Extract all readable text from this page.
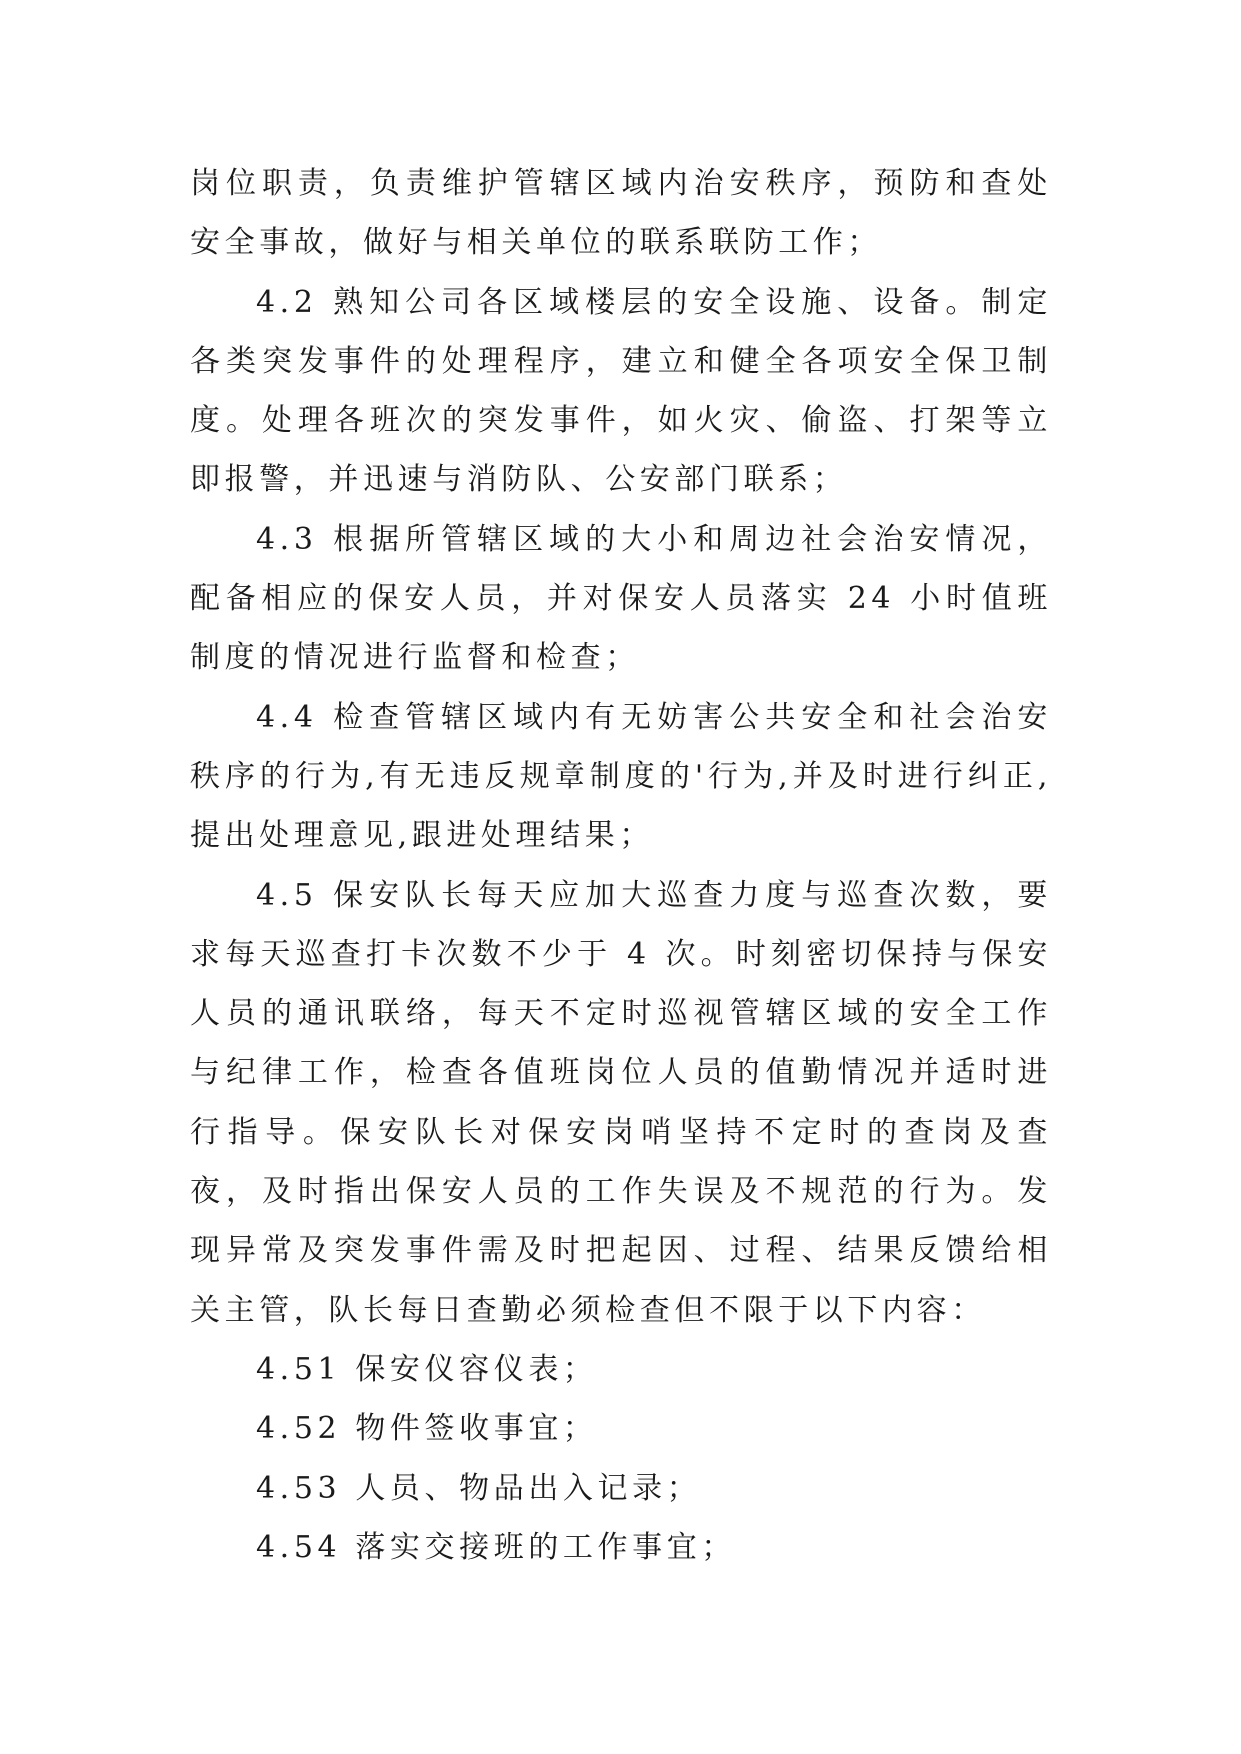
岗位职责，负责维护管辖区域内治安秩序，预防和查处安全事故，做好与相关单位的联系联防工作；

4.2 熟知公司各区域楼层的安全设施、设备。制定各类突发事件的处理程序，建立和健全各项安全保卫制度。处理各班次的突发事件，如火灾、偷盗、打架等立即报警，并迅速与消防队、公安部门联系；

4.3 根据所管辖区域的大小和周边社会治安情况，配备相应的保安人员，并对保安人员落实 24 小时值班制度的情况进行监督和检查；

4.4 检查管辖区域内有无妨害公共安全和社会治安秩序的行为,有无违反规章制度的'行为,并及时进行纠正,提出处理意见,跟进处理结果；

4.5 保安队长每天应加大巡查力度与巡查次数，要求每天巡查打卡次数不少于 4 次。时刻密切保持与保安人员的通讯联络，每天不定时巡视管辖区域的安全工作与纪律工作，检查各值班岗位人员的值勤情况并适时进行指导。保安队长对保安岗哨坚持不定时的查岗及查夜，及时指出保安人员的工作失误及不规范的行为。发现异常及突发事件需及时把起因、过程、结果反馈给相关主管，队长每日查勤必须检查但不限于以下内容：

4.51 保安仪容仪表；

4.52 物件签收事宜；

4.53 人员、物品出入记录；

4.54 落实交接班的工作事宜；
